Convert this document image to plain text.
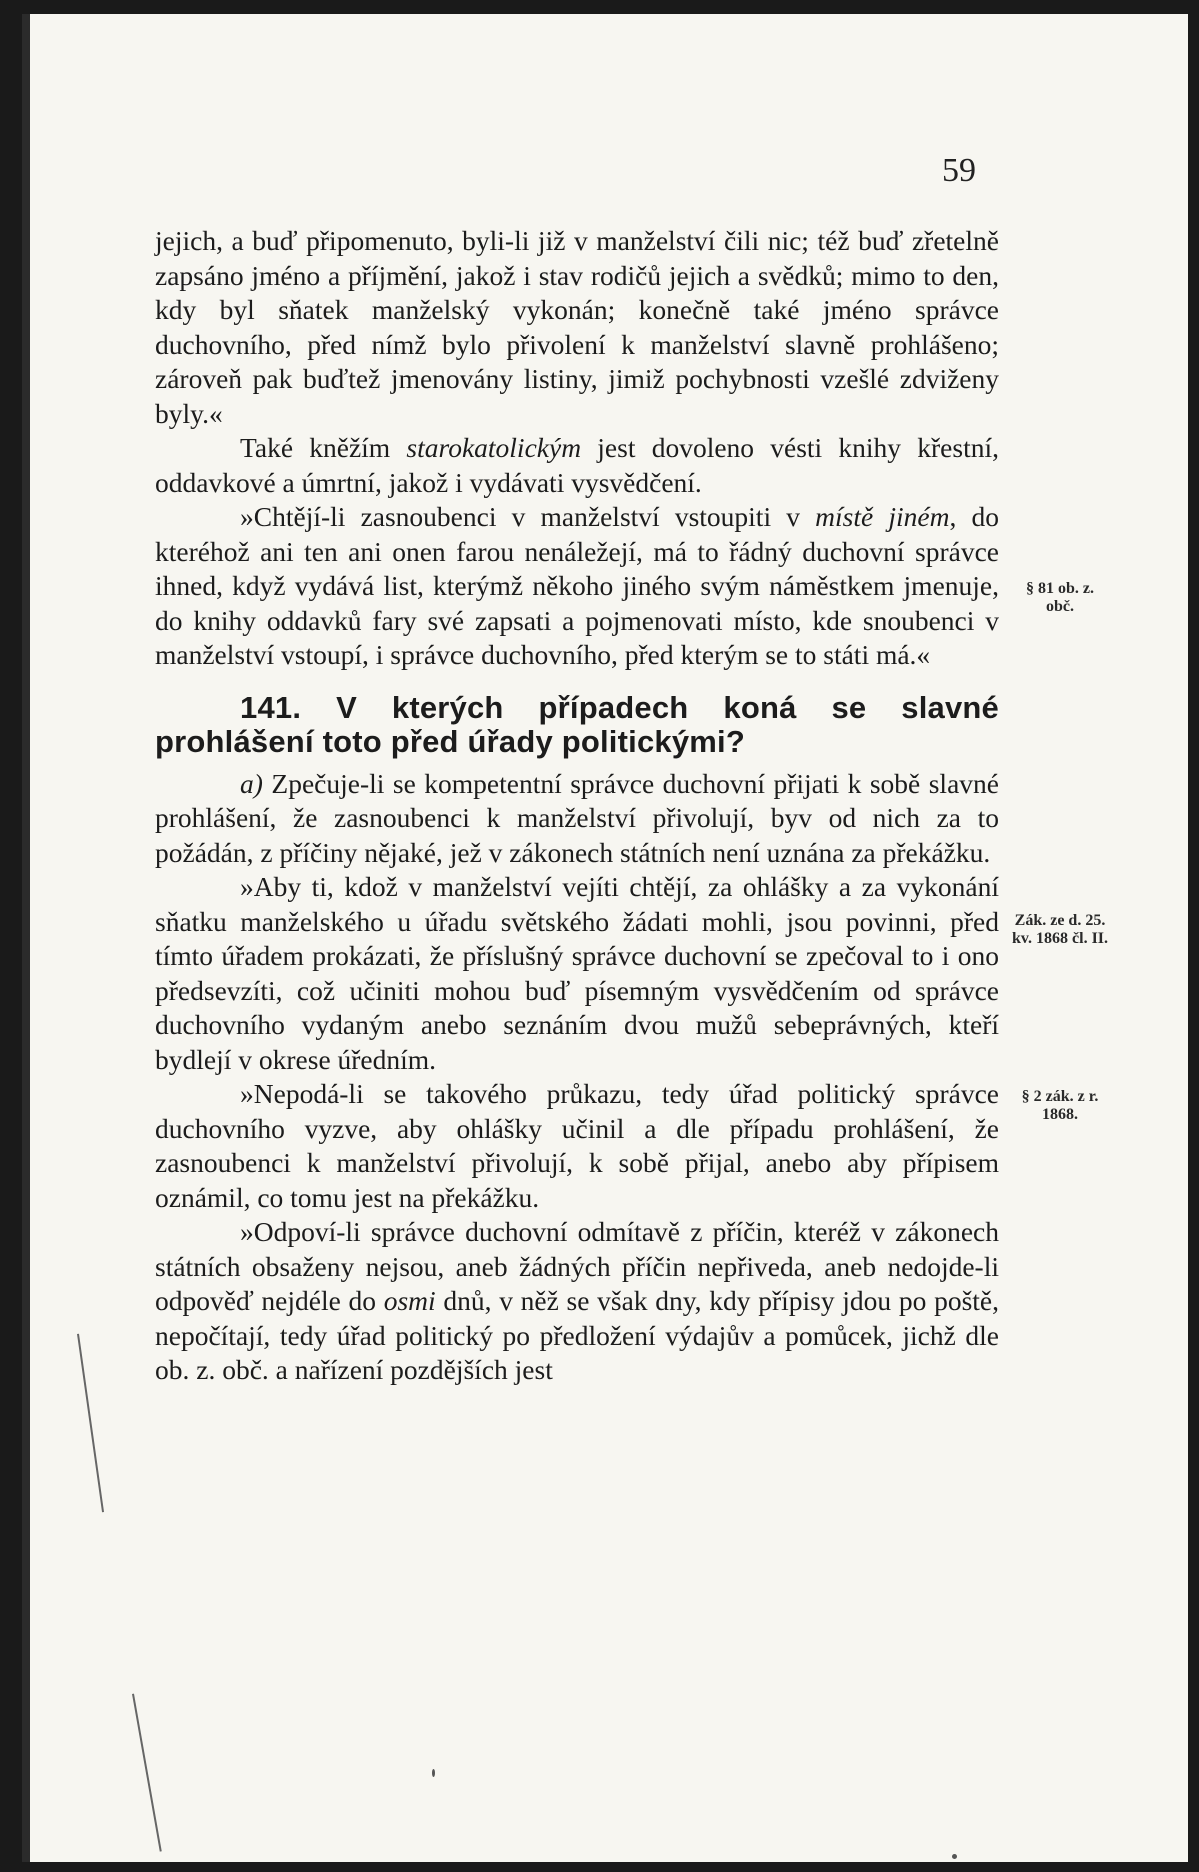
59
§ 81 ob. z. obč.
Zák. ze d. 25. kv. 1868 čl. II.
§ 2 zák. z r. 1868.

jejich, a buď připomenuto, byli-li již v manželství čili nic; též buď zřetelně zapsáno jméno a příjmění, jakož i stav rodičů jejich a svědků; mimo to den, kdy byl sňatek manželský vykonán; konečně také jméno správce duchovního, před nímž bylo přivolení k manželství slavně prohlášeno; zároveň pak buďtež jmenovány listiny, jimiž pochybnosti vzešlé zdviženy byly.«

Také kněžím starokatolickým jest dovoleno vésti knihy křestní, oddavkové a úmrtní, jakož i vydávati vysvědčení.

»Chtějí-li zasnoubenci v manželství vstoupiti v místě jiném, do kteréhož ani ten ani onen farou nenáležejí, má to řádný duchovní správce ihned, když vydává list, kterýmž někoho jiného svým náměstkem jmenuje, do knihy oddavků fary své zapsati a pojmenovati místo, kde snoubenci v manželství vstoupí, i správce duchovního, před kterým se to státi má.«

141. V kterých případech koná se slavné prohlášení toto před úřady politickými?

a) Zpečuje-li se kompetentní správce duchovní přijati k sobě slavné prohlášení, že zasnoubenci k manželství přivolují, byv od nich za to požádán, z příčiny nějaké, jež v zákonech státních není uznána za překážku.

»Aby ti, kdož v manželství vejíti chtějí, za ohlášky a za vykonání sňatku manželského u úřadu světského žádati mohli, jsou povinni, před tímto úřadem prokázati, že příslušný správce duchovní se zpečoval to i ono předsevzíti, což učiniti mohou buď písemným vysvědčením od správce duchovního vydaným anebo seznáním dvou mužů sebeprávných, kteří bydlejí v okrese úředním.

»Nepodá-li se takového průkazu, tedy úřad politický správce duchovního vyzve, aby ohlášky učinil a dle případu prohlášení, že zasnoubenci k manželství přivolují, k sobě přijal, anebo aby přípisem oznámil, co tomu jest na překážku.

»Odpoví-li správce duchovní odmítavě z příčin, kteréž v zákonech státních obsaženy nejsou, aneb žádných příčin nepřiveda, aneb nedojde-li odpověď nejdéle do osmi dnů, v něž se však dny, kdy přípisy jdou po poště, nepočítají, tedy úřad politický po předložení výdajův a pomůcek, jichž dle ob. z. obč. a nařízení pozdějších jest
